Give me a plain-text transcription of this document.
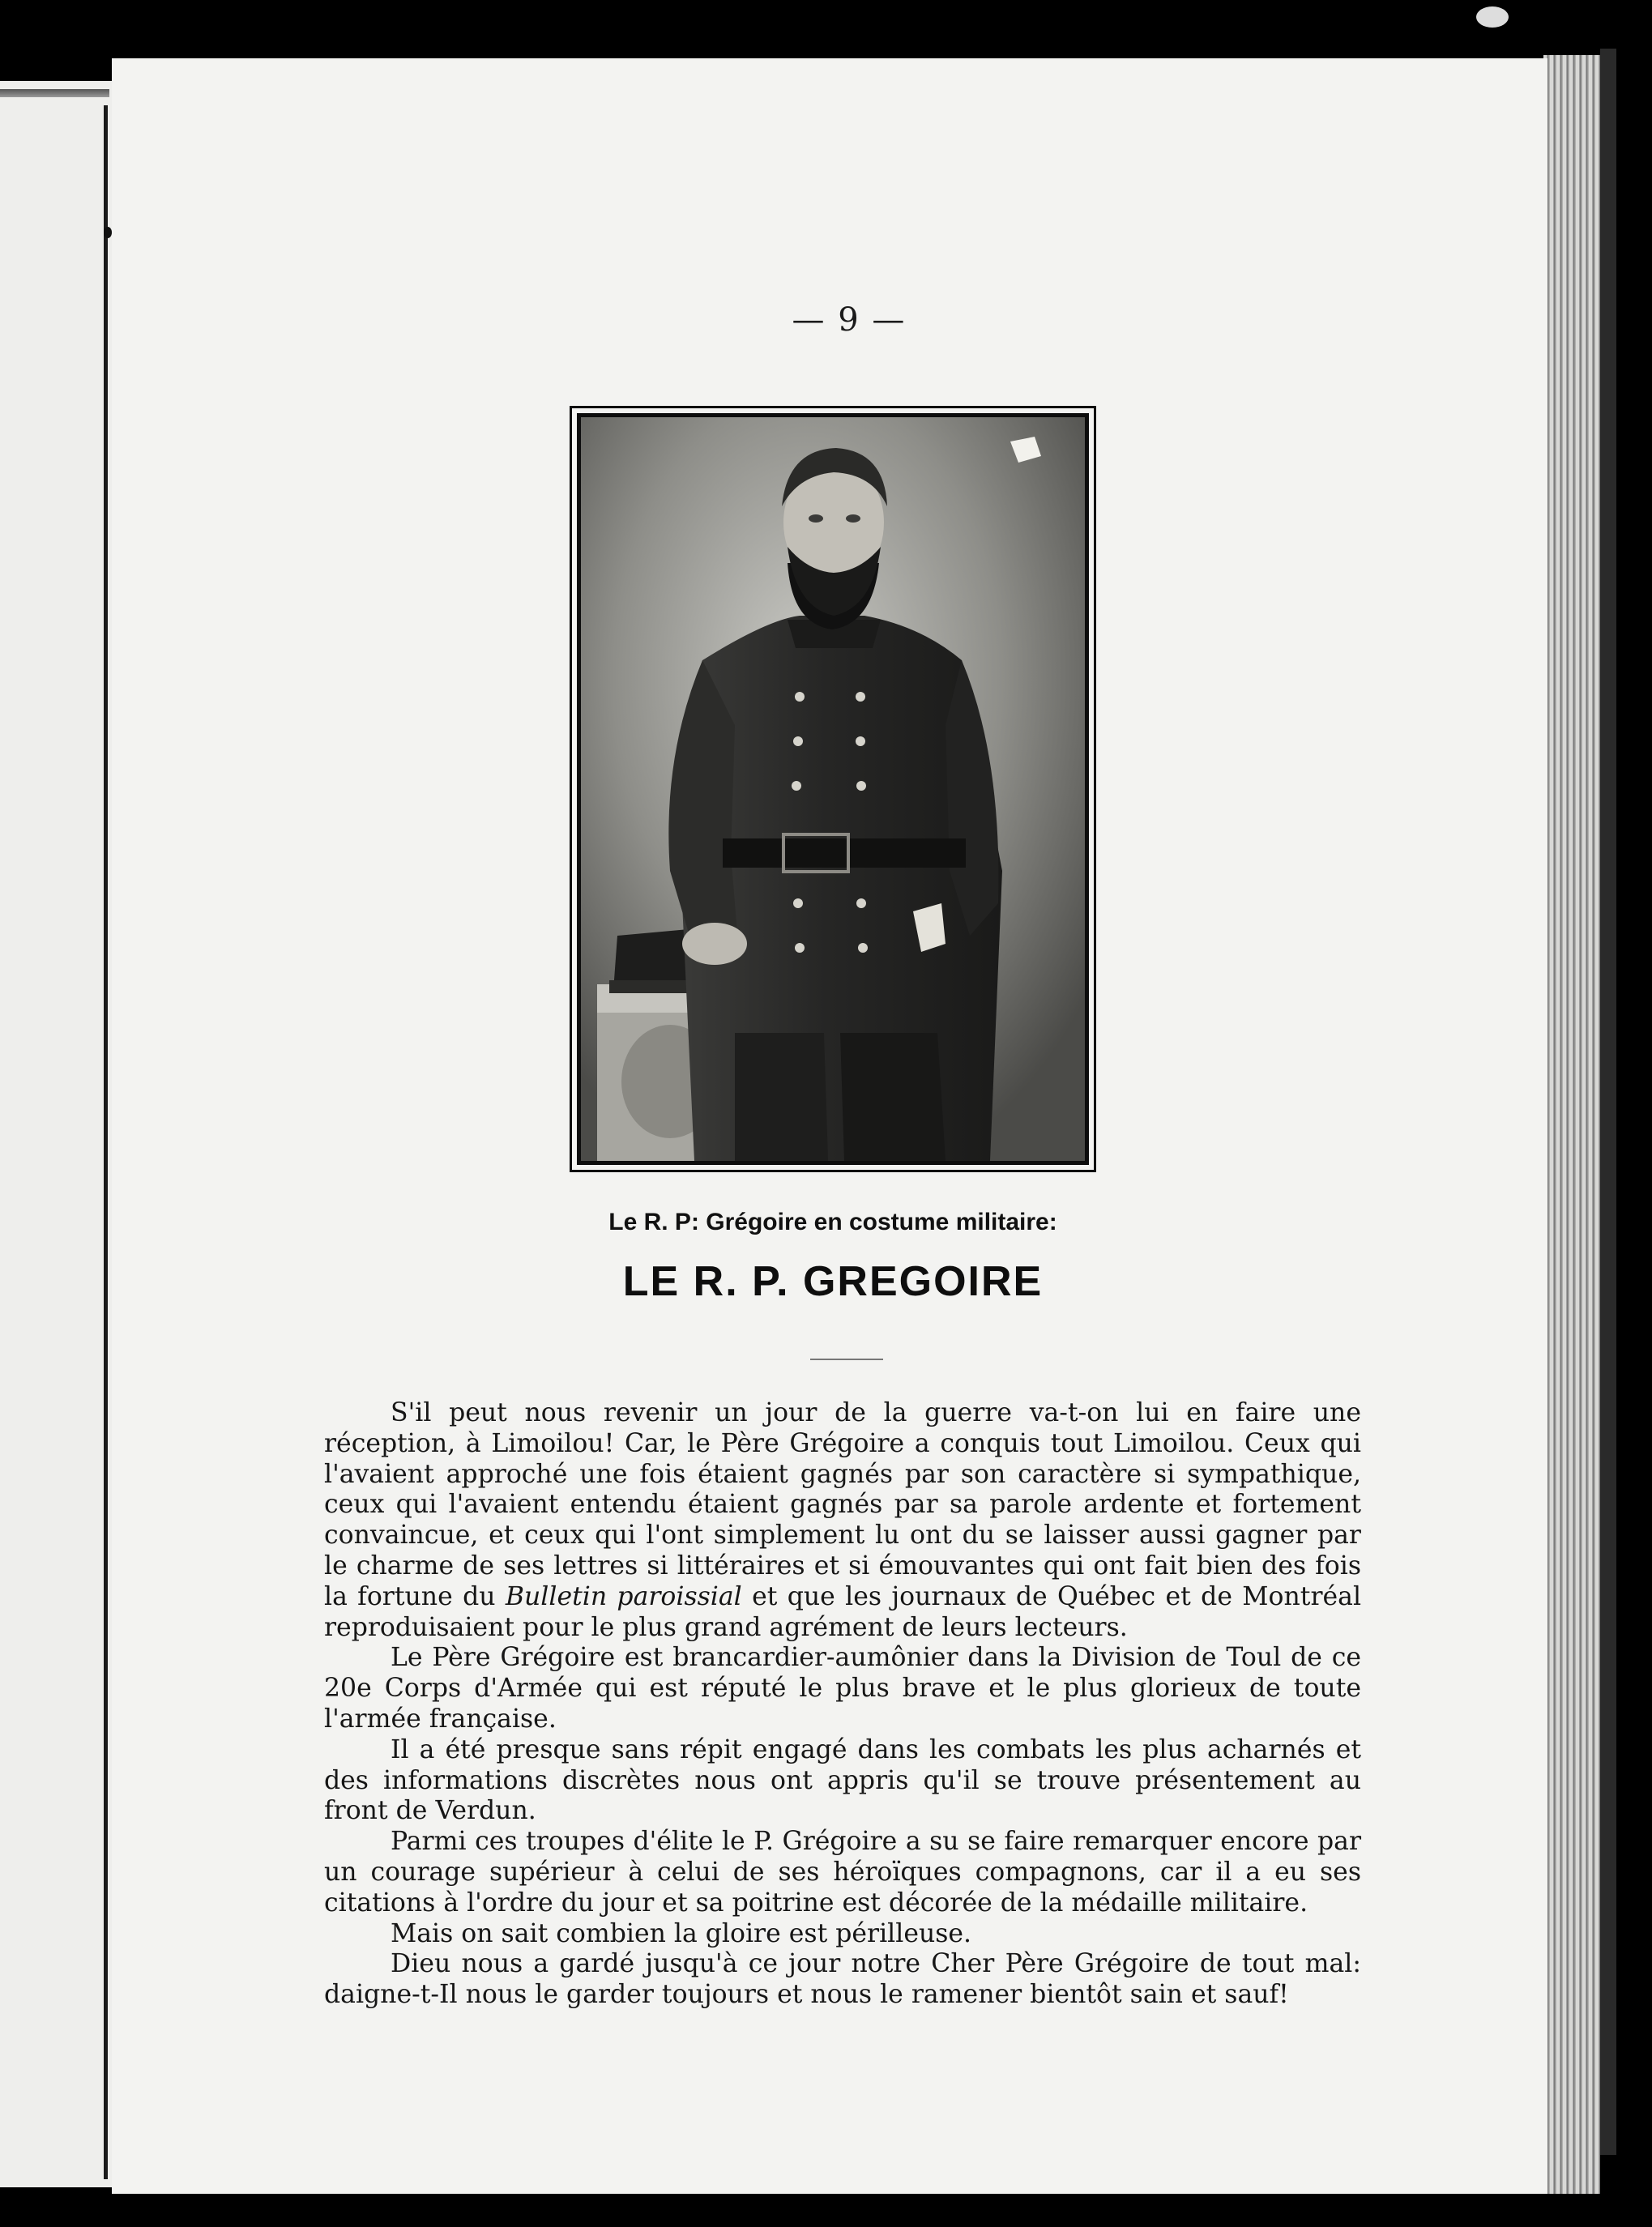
— 9 —
Le R. P: Grégoire en costume militaire:
LE R. P. GREGOIRE

S'il peut nous revenir un jour de la guerre va-t-on lui en faire une réception, à Limoilou! Car, le Père Grégoire a conquis tout Limoilou. Ceux qui l'avaient approché une fois étaient gagnés par son caractère si sympathique, ceux qui l'avaient entendu étaient gagnés par sa parole ardente et fortement convaincue, et ceux qui l'ont simplement lu ont du se laisser aussi gagner par le charme de ses lettres si littéraires et si émouvantes qui ont fait bien des fois la fortune du Bulletin paroissial et que les journaux de Québec et de Montréal reproduisaient pour le plus grand agrément de leurs lecteurs.

Le Père Grégoire est brancardier-aumônier dans la Division de Toul de ce 20e Corps d'Armée qui est réputé le plus brave et le plus glorieux de toute l'armée française.

Il a été presque sans répit engagé dans les combats les plus acharnés et des informations discrètes nous ont appris qu'il se trouve présentement au front de Verdun.

Parmi ces troupes d'élite le P. Grégoire a su se faire remarquer encore par un courage supérieur à celui de ses héroïques compagnons, car il a eu ses citations à l'ordre du jour et sa poitrine est décorée de la médaille militaire.

Mais on sait combien la gloire est périlleuse.

Dieu nous a gardé jusqu'à ce jour notre Cher Père Grégoire de tout mal: daigne-t-Il nous le garder toujours et nous le ramener bientôt sain et sauf!
